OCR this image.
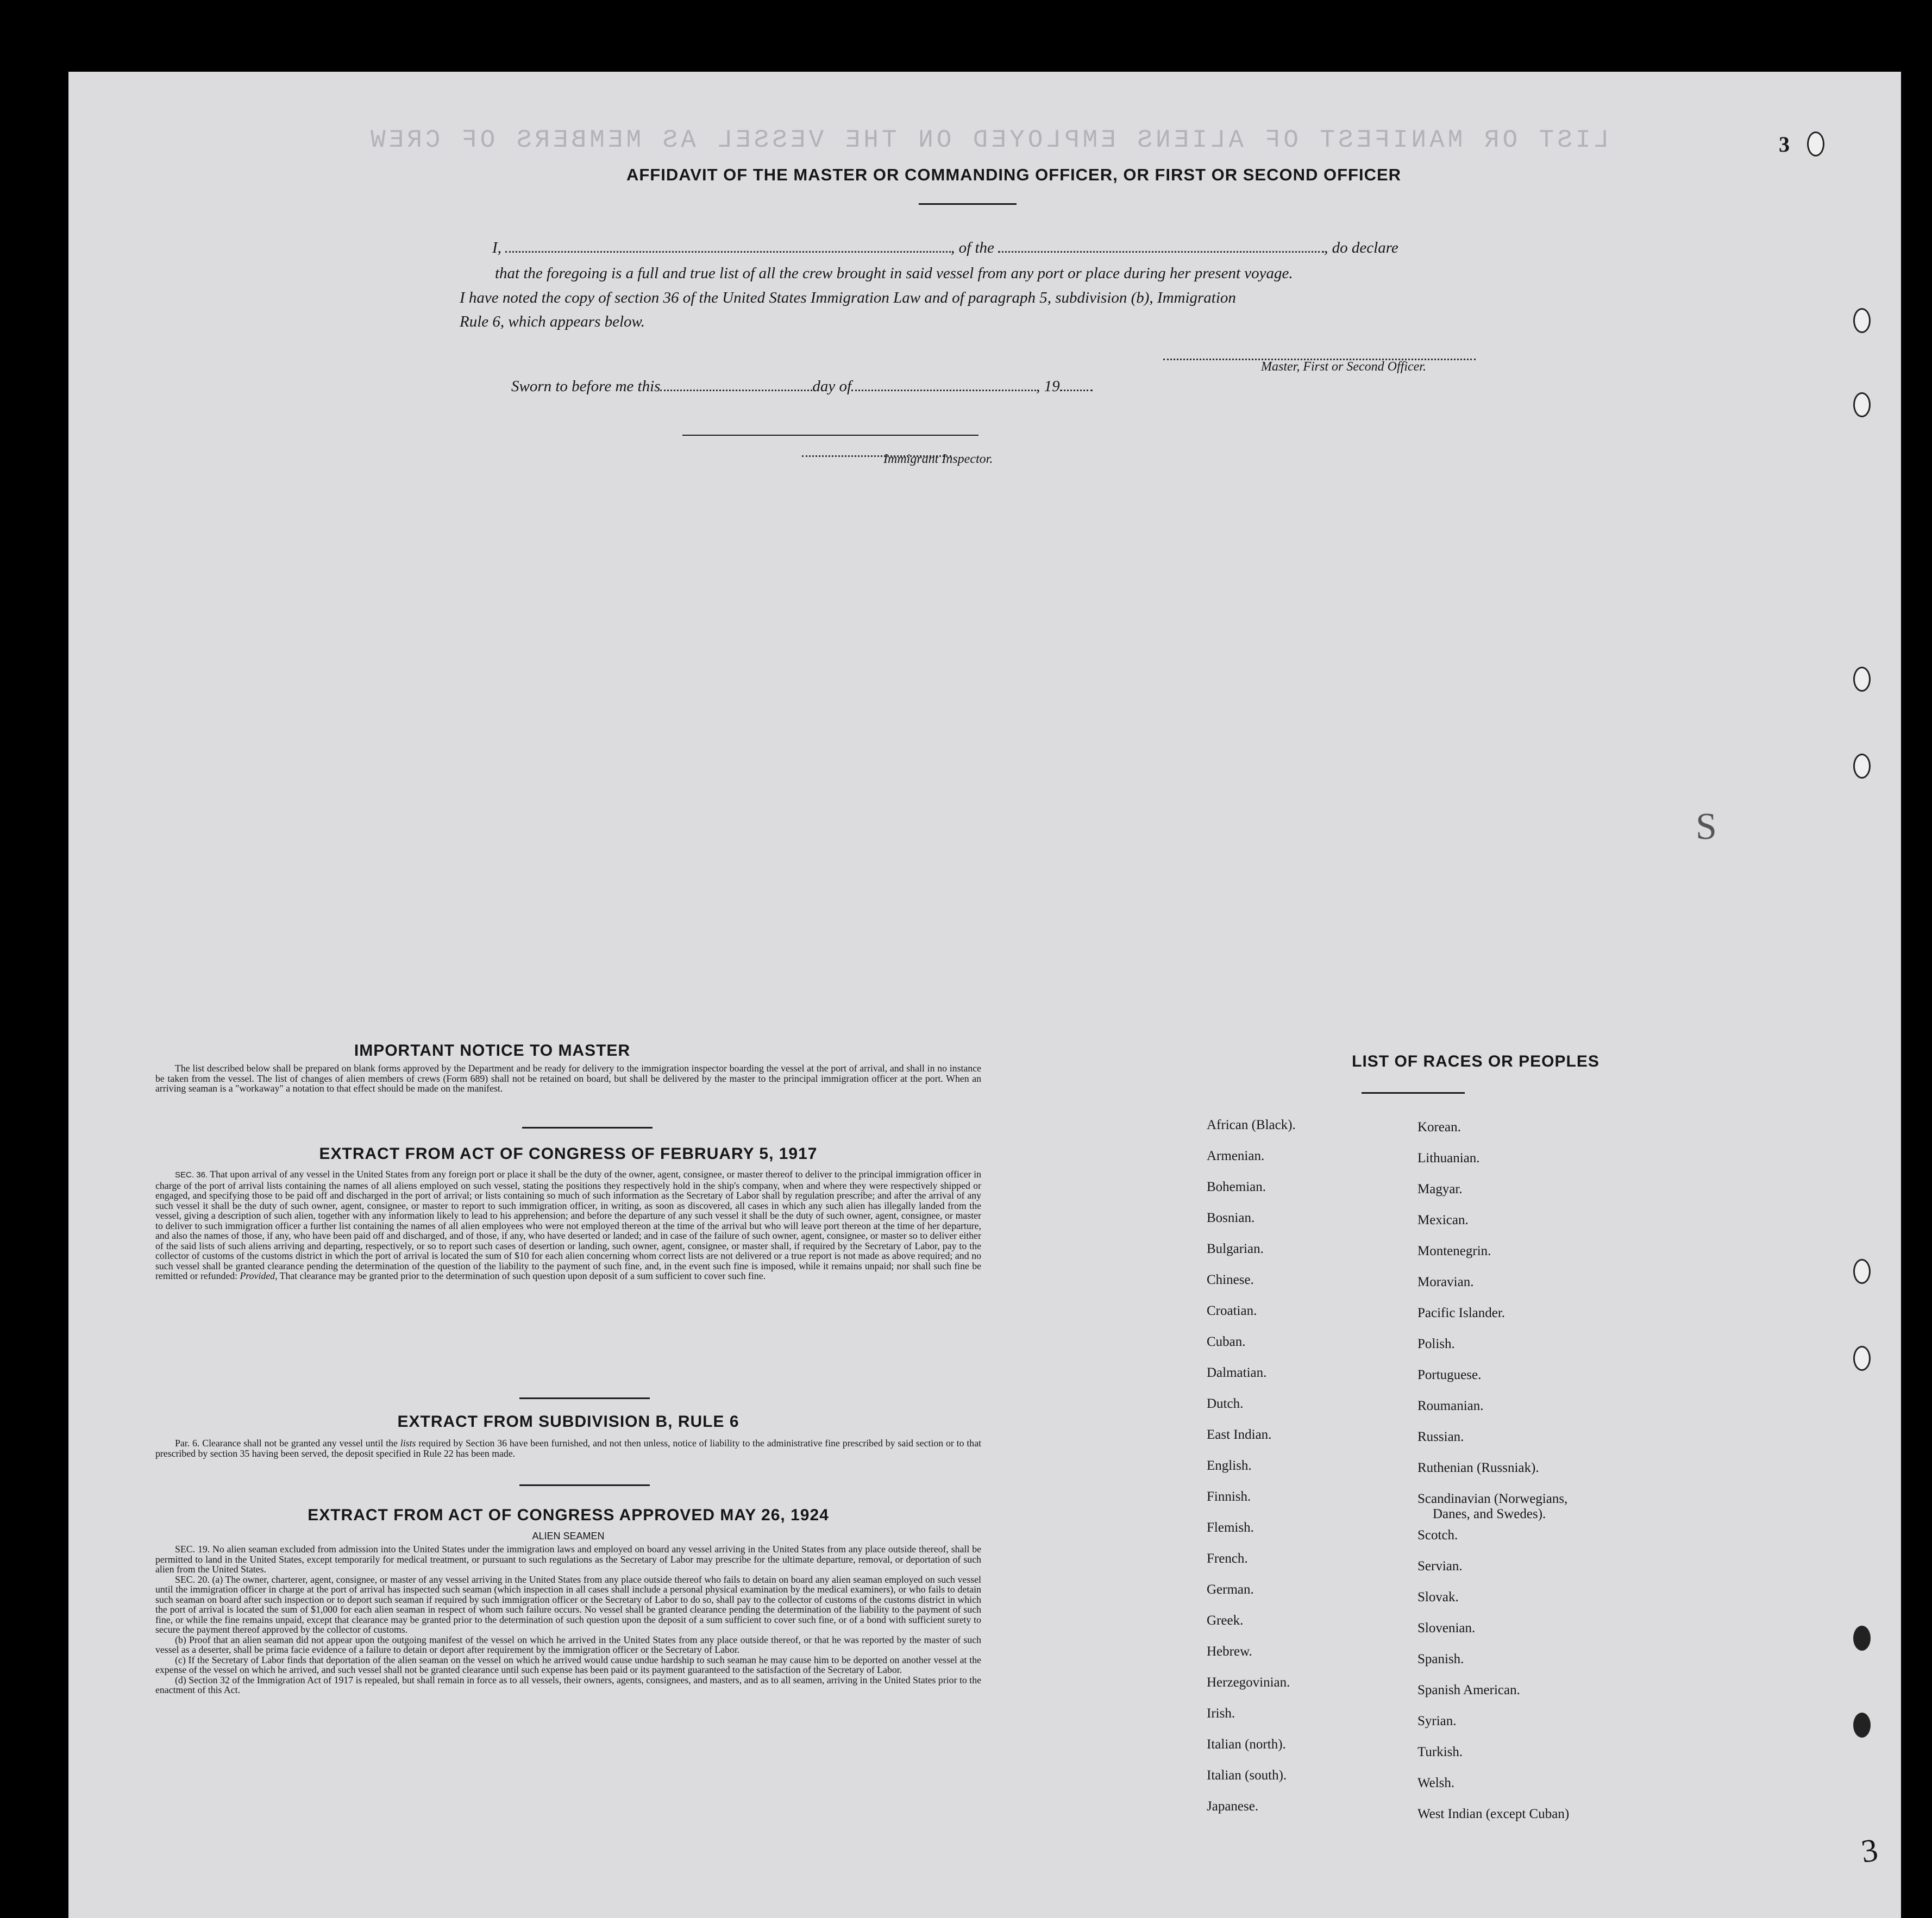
LIST OR MANIFEST OF ALIENS EMPLOYED ON THE VESSEL AS MEMBERS OF CREW
AFFIDAVIT OF THE MASTER OR COMMANDING OFFICER, OR FIRST OR SECOND OFFICER
I,	, of the	, do declare
that the foregoing is a full and true list of all the crew brought in said vessel from any port or place during her present voyage.
I have noted the copy of section 36 of the United States Immigration Law and of paragraph 5, subdivision (b), Immigration
Rule 6, which appears below.
Master, First or Second Officer.
Sworn to before me this	day of	, 19
Immigrant Inspector.
IMPORTANT NOTICE TO MASTER

The list described below shall be prepared on blank forms approved by the Department and be ready for delivery to the immigration inspector boarding the vessel at the port of arrival, and shall in no instance be taken from the vessel. The list of changes of alien members of crews (Form 689) shall not be retained on board, but shall be delivered by the master to the principal immigration officer at the port. When an arriving seaman is a "workaway" a notation to that effect should be made on the manifest.

EXTRACT FROM ACT OF CONGRESS OF FEBRUARY 5, 1917

SEC. 36. That upon arrival of any vessel in the United States from any foreign port or place it shall be the duty of the owner, agent, consignee, or master thereof to deliver to the principal immigration officer in charge of the port of arrival lists containing the names of all aliens employed on such vessel, stating the positions they respectively hold in the ship's company, when and where they were respectively shipped or engaged, and specifying those to be paid off and discharged in the port of arrival; or lists containing so much of such information as the Secretary of Labor shall by regulation prescribe; and after the arrival of any such vessel it shall be the duty of such owner, agent, consignee, or master to report to such immigration officer, in writing, as soon as discovered, all cases in which any such alien has illegally landed from the vessel, giving a description of such alien, together with any information likely to lead to his apprehension; and before the departure of any such vessel it shall be the duty of such owner, agent, consignee, or master to deliver to such immigration officer a further list containing the names of all alien employees who were not employed thereon at the time of the arrival but who will leave port thereon at the time of her departure, and also the names of those, if any, who have been paid off and discharged, and of those, if any, who have deserted or landed; and in case of the failure of such owner, agent, consignee, or master so to deliver either of the said lists of such aliens arriving and departing, respectively, or so to report such cases of desertion or landing, such owner, agent, consignee, or master shall, if required by the Secretary of Labor, pay to the collector of customs of the customs district in which the port of arrival is located the sum of $10 for each alien concerning whom correct lists are not delivered or a true report is not made as above required; and no such vessel shall be granted clearance pending the determination of the question of the liability to the payment of such fine, and, in the event such fine is imposed, while it remains unpaid; nor shall such fine be remitted or refunded: Provided, That clearance may be granted prior to the determination of such question upon deposit of a sum sufficient to cover such fine.

EXTRACT FROM SUBDIVISION B, RULE 6

Par. 6. Clearance shall not be granted any vessel until the lists required by Section 36 have been furnished, and not then unless, notice of liability to the administrative fine prescribed by said section or to that prescribed by section 35 having been served, the deposit specified in Rule 22 has been made.

EXTRACT FROM ACT OF CONGRESS APPROVED MAY 26, 1924
ALIEN SEAMEN

SEC. 19. No alien seaman excluded from admission into the United States under the immigration laws and employed on board any vessel arriving in the United States from any place outside thereof, shall be permitted to land in the United States, except temporarily for medical treatment, or pursuant to such regulations as the Secretary of Labor may prescribe for the ultimate departure, removal, or deportation of such alien from the United States.

SEC. 20. (a) The owner, charterer, agent, consignee, or master of any vessel arriving in the United States from any place outside thereof who fails to detain on board any alien seaman employed on such vessel until the immigration officer in charge at the port of arrival has inspected such seaman (which inspection in all cases shall include a personal physical examination by the medical examiners), or who fails to detain such seaman on board after such inspection or to deport such seaman if required by such immigration officer or the Secretary of Labor to do so, shall pay to the collector of customs of the customs district in which the port of arrival is located the sum of $1,000 for each alien seaman in respect of whom such failure occurs. No vessel shall be granted clearance pending the determination of the liability to the payment of such fine, or while the fine remains unpaid, except that clearance may be granted prior to the determination of such question upon the deposit of a sum sufficient to cover such fine, or of a bond with sufficient surety to secure the payment thereof approved by the collector of customs.

(b) Proof that an alien seaman did not appear upon the outgoing manifest of the vessel on which he arrived in the United States from any place outside thereof, or that he was reported by the master of such vessel as a deserter, shall be prima facie evidence of a failure to detain or deport after requirement by the immigration officer or the Secretary of Labor.

(c) If the Secretary of Labor finds that deportation of the alien seaman on the vessel on which he arrived would cause undue hardship to such seaman he may cause him to be deported on another vessel at the expense of the vessel on which he arrived, and such vessel shall not be granted clearance until such expense has been paid or its payment guaranteed to the satisfaction of the Secretary of Labor.

(d) Section 32 of the Immigration Act of 1917 is repealed, but shall remain in force as to all vessels, their owners, agents, consignees, and masters, and as to all seamen, arriving in the United States prior to the enactment of this Act.

LIST OF RACES OR PEOPLES
African (Black).
Armenian.
Bohemian.
Bosnian.
Bulgarian.
Chinese.
Croatian.
Cuban.
Dalmatian.
Dutch.
East Indian.
English.
Finnish.
Flemish.
French.
German.
Greek.
Hebrew.
Herzegovinian.
Irish.
Italian (north).
Italian (south).
Japanese.
Korean.
Lithuanian.
Magyar.
Mexican.
Montenegrin.
Moravian.
Pacific Islander.
Polish.
Portuguese.
Roumanian.
Russian.
Ruthenian (Russniak).
Scandinavian (Norwegians,
Danes, and Swedes).
Scotch.
Servian.
Slovak.
Slovenian.
Spanish.
Spanish American.
Syrian.
Turkish.
Welsh.
West Indian (except Cuban)
3
S
3
